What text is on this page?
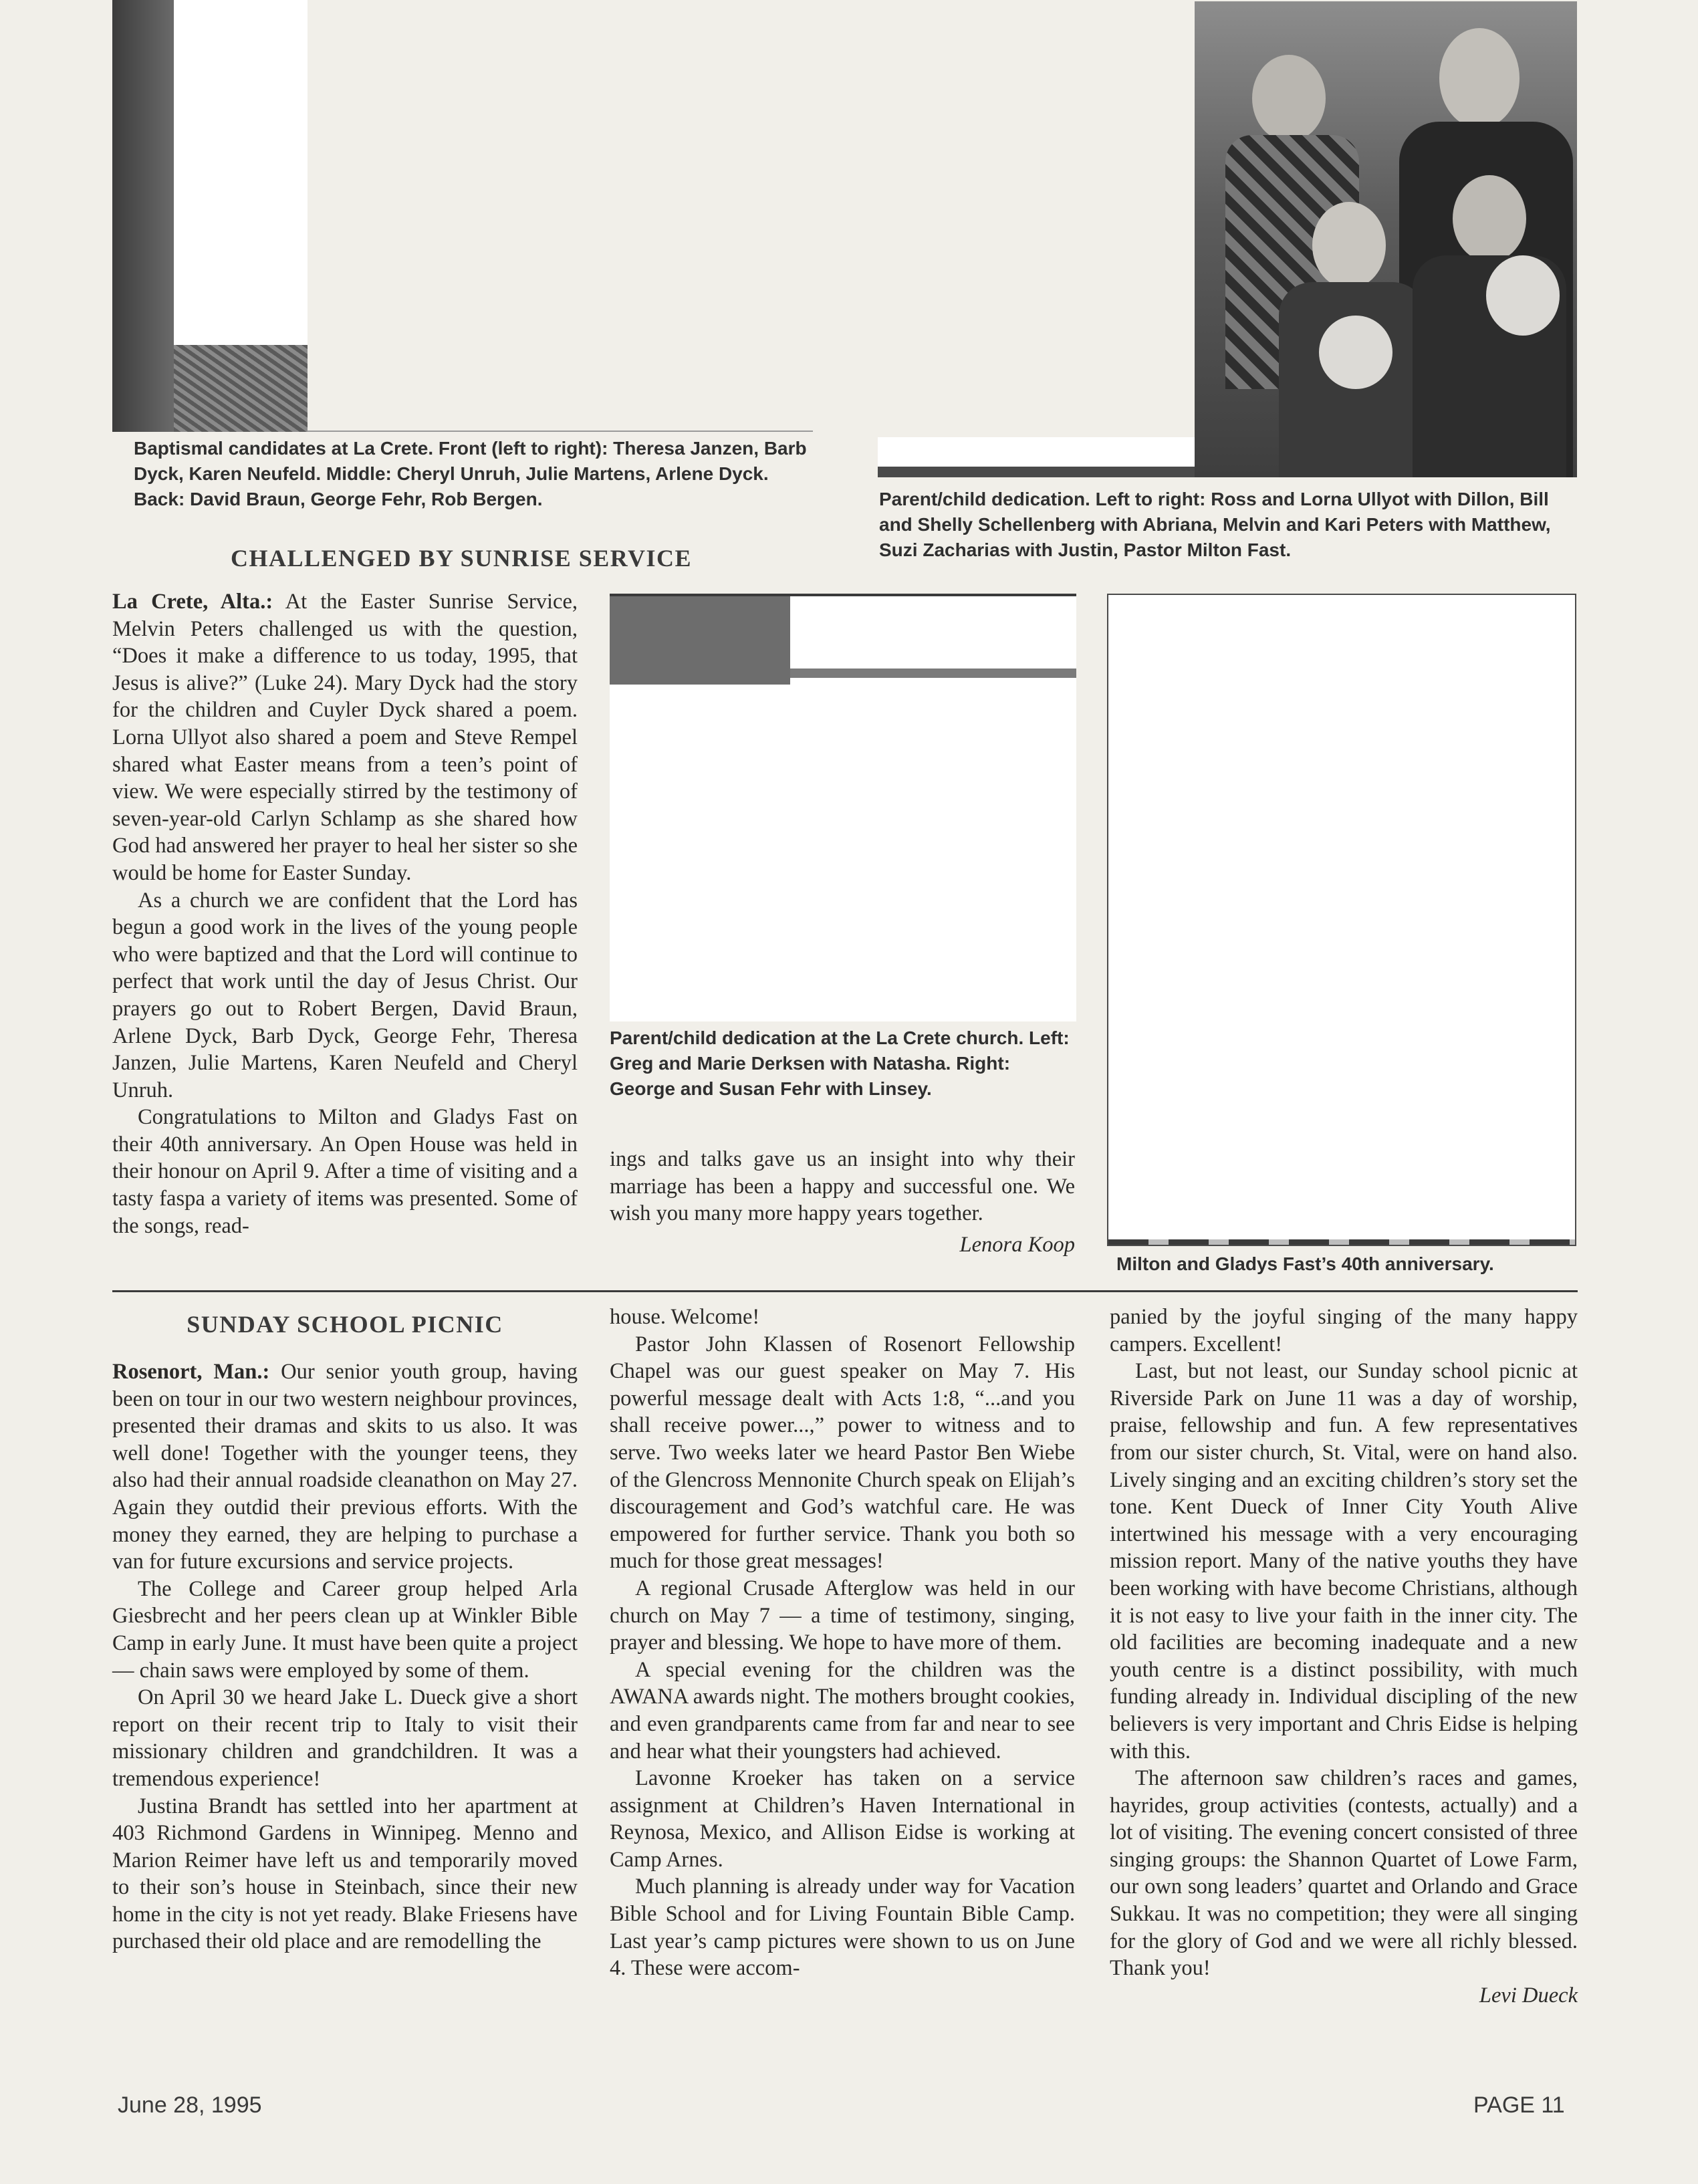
Baptismal candidates at La Crete. Front (left to right): Theresa Janzen, Barb Dyck, Karen Neufeld. Middle: Cheryl Unruh, Julie Martens, Arlene Dyck. Back: David Braun, George Fehr, Rob Bergen.	Parent/child dedication. Left to right: Ross and Lorna Ullyot with Dillon, Bill and Shelly Schellenberg with Abriana, Melvin and Kari Peters with Matthew, Suzi Zacharias with Justin, Pastor Milton Fast.

CHALLENGED BY SUNRISE SERVICE

La Crete, Alta.: At the Easter Sunrise Service, Melvin Peters challenged us with the question, “Does it make a difference to us today, 1995, that Jesus is alive?” (Luke 24). Mary Dyck had the story for the children and Cuyler Dyck shared a poem. Lorna Ullyot also shared a poem and Steve Rempel shared what Easter means from a teen’s point of view. We were especially stirred by the testimony of seven-year-old Carlyn Schlamp as she shared how God had answered her prayer to heal her sister so she would be home for Easter Sunday.

As a church we are confident that the Lord has begun a good work in the lives of the young people who were baptized and that the Lord will continue to perfect that work until the day of Jesus Christ. Our prayers go out to Robert Bergen, David Braun, Arlene Dyck, Barb Dyck, George Fehr, Theresa Janzen, Julie Martens, Karen Neufeld and Cheryl Unruh.

Congratulations to Milton and Gladys Fast on their 40th anniversary. An Open House was held in their honour on April 9. After a time of visiting and a tasty faspa a variety of items was presented. Some of the songs, read-

Parent/child dedication at the La Crete church. Left: Greg and Marie Derksen with Natasha. Right: George and Susan Fehr with Linsey.

ings and talks gave us an insight into why their marriage has been a happy and successful one. We wish you many more happy years together.

Lenora Koop

Milton and Gladys Fast’s 40th anniversary.

SUNDAY SCHOOL PICNIC

Rosenort, Man.: Our senior youth group, having been on tour in our two western neighbour provinces, presented their dramas and skits to us also. It was well done! Together with the younger teens, they also had their annual roadside cleanathon on May 27. Again they outdid their previous efforts. With the money they earned, they are helping to purchase a van for future excursions and service projects.

The College and Career group helped Arla Giesbrecht and her peers clean up at Winkler Bible Camp in early June. It must have been quite a project — chain saws were employed by some of them.

On April 30 we heard Jake L. Dueck give a short report on their recent trip to Italy to visit their missionary children and grandchildren. It was a tremendous experience!

Justina Brandt has settled into her apartment at 403 Richmond Gardens in Winnipeg. Menno and Marion Reimer have left us and temporarily moved to their son’s house in Steinbach, since their new home in the city is not yet ready. Blake Friesens have purchased their old place and are remodelling the

house. Welcome!

Pastor John Klassen of Rosenort Fellowship Chapel was our guest speaker on May 7. His powerful message dealt with Acts 1:8, “...and you shall receive power...,” power to witness and to serve. Two weeks later we heard Pastor Ben Wiebe of the Glencross Mennonite Church speak on Elijah’s discouragement and God’s watchful care. He was empowered for further service. Thank you both so much for those great messages!

A regional Crusade Afterglow was held in our church on May 7 — a time of testimony, singing, prayer and blessing. We hope to have more of them.

A special evening for the children was the AWANA awards night. The mothers brought cookies, and even grandparents came from far and near to see and hear what their youngsters had achieved.

Lavonne Kroeker has taken on a service assignment at Children’s Haven International in Reynosa, Mexico, and Allison Eidse is working at Camp Arnes.

Much planning is already under way for Vacation Bible School and for Living Fountain Bible Camp. Last year’s camp pictures were shown to us on June 4. These were accom-

panied by the joyful singing of the many happy campers. Excellent!

Last, but not least, our Sunday school picnic at Riverside Park on June 11 was a day of worship, praise, fellowship and fun. A few representatives from our sister church, St. Vital, were on hand also. Lively singing and an exciting children’s story set the tone. Kent Dueck of Inner City Youth Alive intertwined his message with a very encouraging mission report. Many of the native youths they have been working with have become Christians, although it is not easy to live your faith in the inner city. The old facilities are becoming inadequate and a new youth centre is a distinct possibility, with much funding already in. Individual discipling of the new believers is very important and Chris Eidse is helping with this.

The afternoon saw children’s races and games, hayrides, group activities (contests, actually) and a lot of visiting. The evening concert consisted of three singing groups: the Shannon Quartet of Lowe Farm, our own song leaders’ quartet and Orlando and Grace Sukkau. It was no competition; they were all singing for the glory of God and we were all richly blessed. Thank you!

Levi Dueck

June 28, 1995	PAGE 11
